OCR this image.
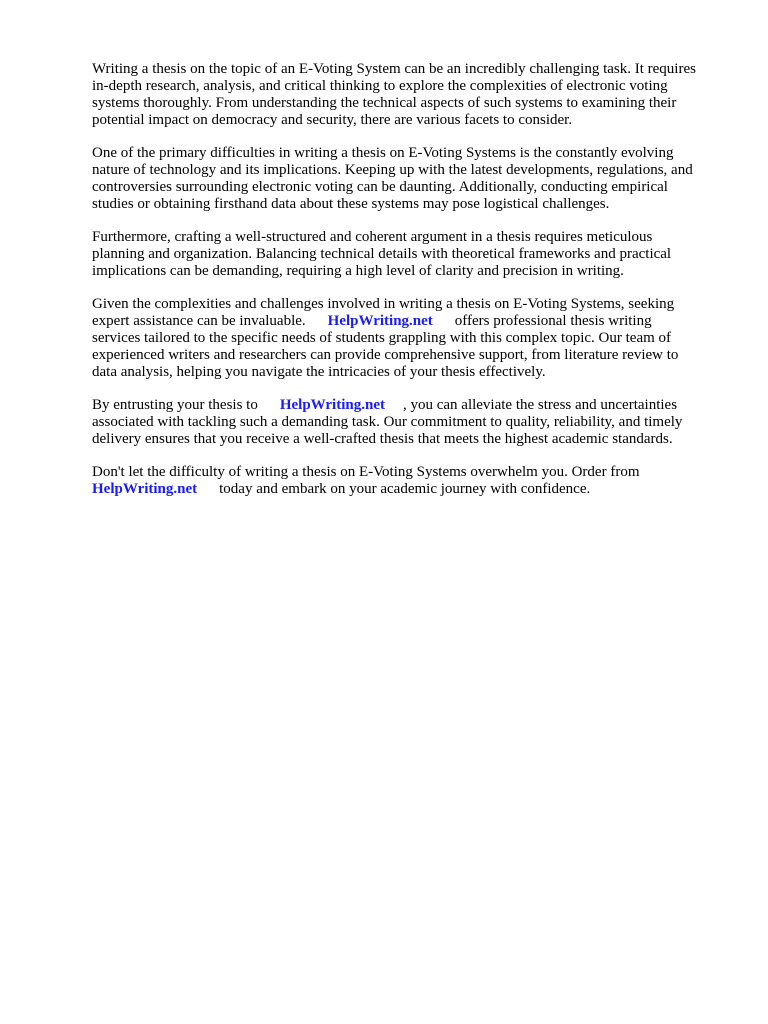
Writing a thesis on the topic of an E-Voting System can be an incredibly challenging task. It requires
in-depth research, analysis, and critical thinking to explore the complexities of electronic voting
systems thoroughly. From understanding the technical aspects of such systems to examining their
potential impact on democracy and security, there are various facets to consider.

One of the primary difficulties in writing a thesis on E-Voting Systems is the constantly evolving
nature of technology and its implications. Keeping up with the latest developments, regulations, and
controversies surrounding electronic voting can be daunting. Additionally, conducting empirical
studies or obtaining firsthand data about these systems may pose logistical challenges.

Furthermore, crafting a well-structured and coherent argument in a thesis requires meticulous
planning and organization. Balancing technical details with theoretical frameworks and practical
implications can be demanding, requiring a high level of clarity and precision in writing.

Given the complexities and challenges involved in writing a thesis on E-Voting Systems, seeking
expert assistance can be invaluable. HelpWriting.net offers professional thesis writing
services tailored to the specific needs of students grappling with this complex topic. Our team of
experienced writers and researchers can provide comprehensive support, from literature review to
data analysis, helping you navigate the intricacies of your thesis effectively.

By entrusting your thesis to HelpWriting.net , you can alleviate the stress and uncertainties
associated with tackling such a demanding task. Our commitment to quality, reliability, and timely
delivery ensures that you receive a well-crafted thesis that meets the highest academic standards.

Don't let the difficulty of writing a thesis on E-Voting Systems overwhelm you. Order from
HelpWriting.net today and embark on your academic journey with confidence.
